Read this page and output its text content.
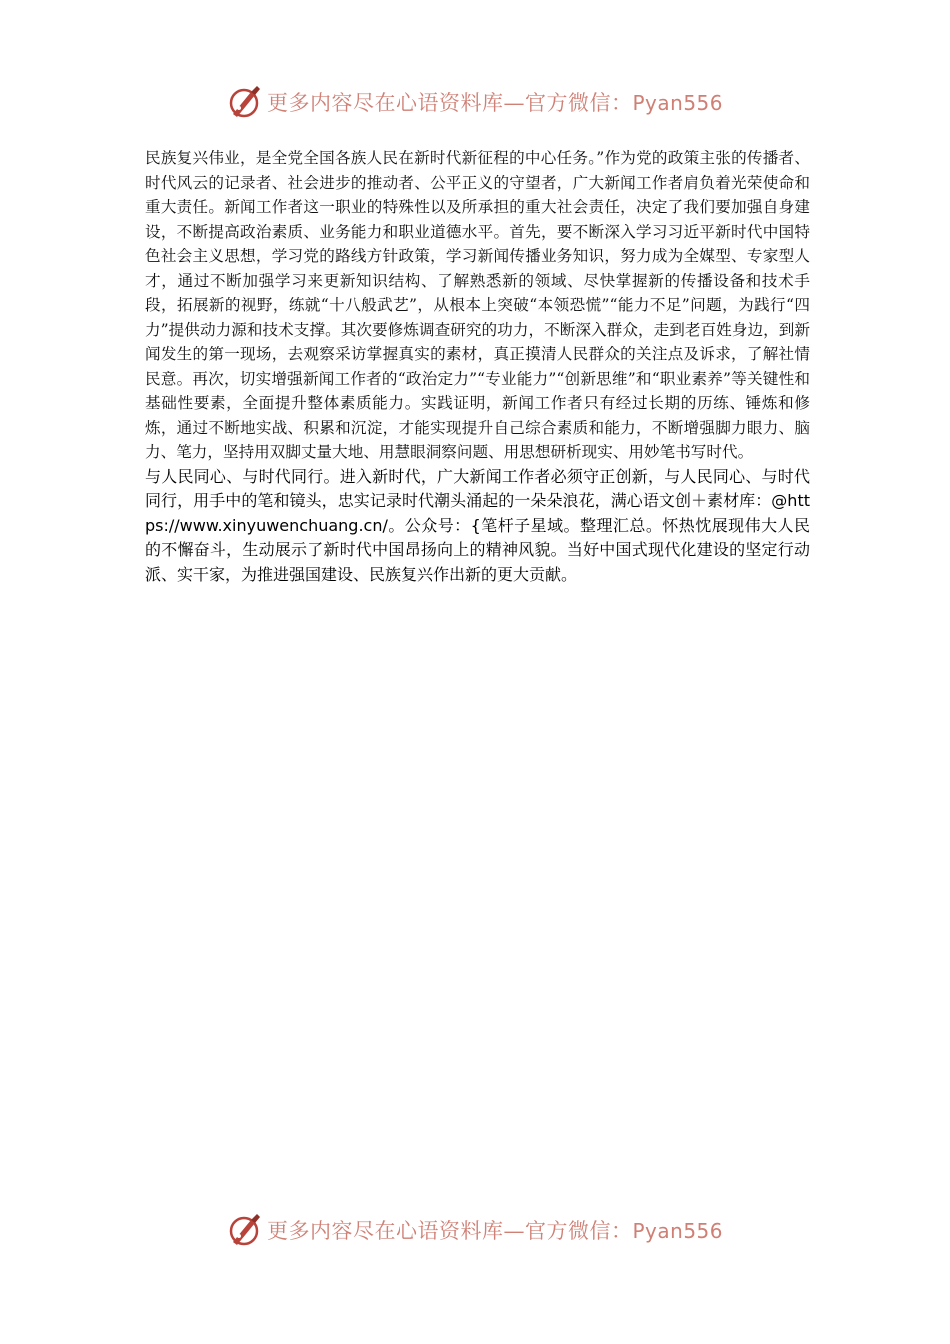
更多内容尽在心语资料库—官方微信：Pyan556

民族复兴伟业，是全党全国各族人民在新时代新征程的中心任务。”作为党的政策主张的传播者、时代风云的记录者、社会进步的推动者、公平正义的守望者，广大新闻工作者肩负着光荣使命和重大责任。新闻工作者这一职业的特殊性以及所承担的重大社会责任，决定了我们要加强自身建设，不断提高政治素质、业务能力和职业道德水平。首先，要不断深入学习习近平新时代中国特色社会主义思想，学习党的路线方针政策，学习新闻传播业务知识，努力成为全媒型、专家型人才，通过不断加强学习来更新知识结构、了解熟悉新的领域、尽快掌握新的传播设备和技术手段，拓展新的视野，练就“十八般武艺”，从根本上突破“本领恐慌”“能力不足”问题，为践行“四力”提供动力源和技术支撑。其次要修炼调查研究的功力，不断深入群众，走到老百姓身边，到新闻发生的第一现场，去观察采访掌握真实的素材，真正摸清人民群众的关注点及诉求，了解社情民意。再次，切实增强新闻工作者的“政治定力”“专业能力”“创新思维”和“职业素养”等关键性和基础性要素，全面提升整体素质能力。实践证明，新闻工作者只有经过长期的历练、锤炼和修炼，通过不断地实战、积累和沉淀，才能实现提升自己综合素质和能力，不断增强脚力眼力、脑力、笔力，坚持用双脚丈量大地、用慧眼洞察问题、用思想研析现实、用妙笔书写时代。

与人民同心、与时代同行。进入新时代，广大新闻工作者必须守正创新，与人民同心、与时代同行，用手中的笔和镜头，忠实记录时代潮头涌起的一朵朵浪花，满心语文创＋素材库：@https://www.xinyuwenchuang.cn/。公众号：{笔杆子星域。整理汇总。怀热忱展现伟大人民的不懈奋斗，生动展示了新时代中国昂扬向上的精神风貌。当好中国式现代化建设的坚定行动派、实干家，为推进强国建设、民族复兴作出新的更大贡献。

更多内容尽在心语资料库—官方微信：Pyan556
